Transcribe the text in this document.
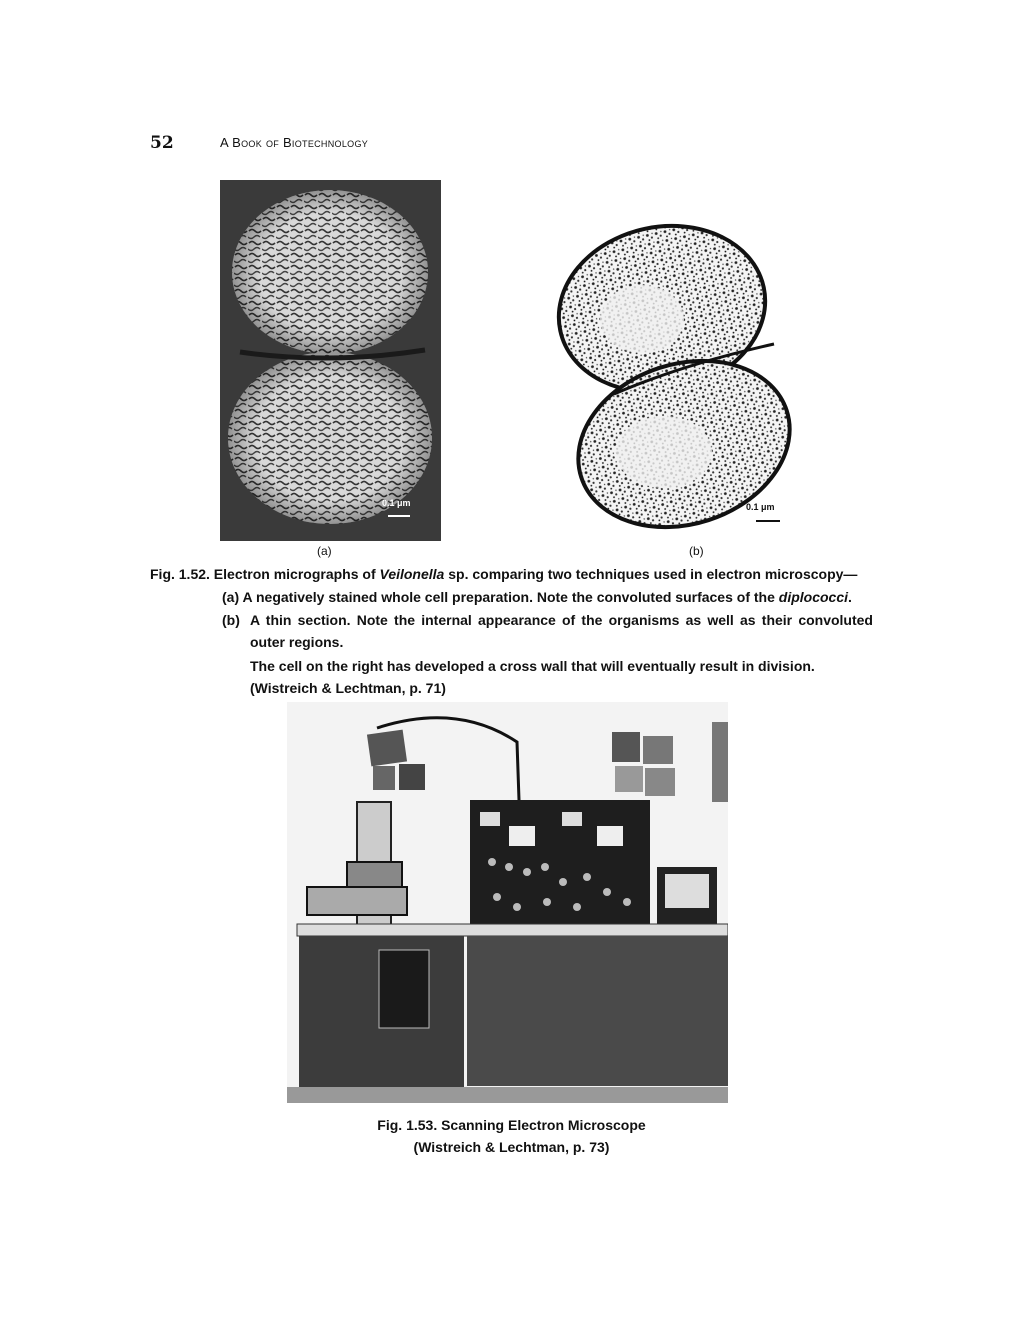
52	A Book of Biotechnology
0.1 μm	0.1 μm
(a)	(b)
Fig. 1.52. Electron micrographs of Veilonella sp. comparing two techniques used in electron microscopy—
(a) A negatively stained whole cell preparation. Note the convoluted surfaces of the diplococci.
(b) A thin section. Note the internal appearance of the organisms as well as their convoluted outer regions.
The cell on the right has developed a cross wall that will eventually result in division.
(Wistreich & Lechtman, p. 71)
Fig. 1.53. Scanning Electron Microscope
(Wistreich & Lechtman, p. 73)
